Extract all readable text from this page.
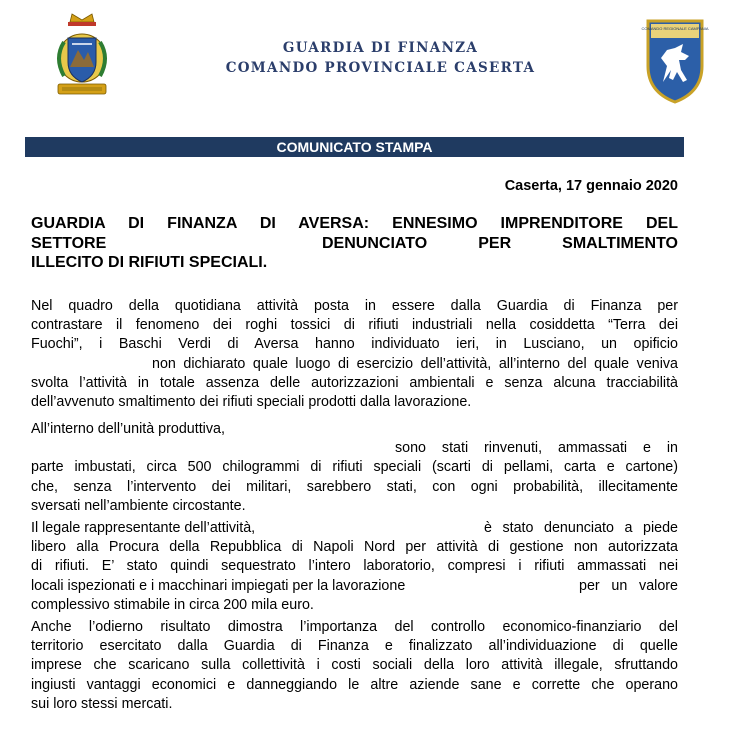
GUARDIA DI FINANZA
COMANDO PROVINCIALE CASERTA
COMANDO REGIONALE CAMPANIA
COMUNICATO STAMPA
Caserta, 17 gennaio 2020
GUARDIA DI FINANZA DI AVERSA: ENNESIMO IMPRENDITORE DEL
SETTORE	DENUNCIATO PER SMALTIMENTO
ILLECITO DI RIFIUTI SPECIALI.
Nel quadro della quotidiana attività posta in essere dalla Guardia di Finanza per
contrastare il fenomeno dei roghi tossici di rifiuti industriali nella cosiddetta “Terra dei
Fuochi”, i Baschi Verdi di Aversa hanno individuato ieri, in Lusciano, un opificio
non dichiarato quale luogo di esercizio dell’attività, all’interno del quale veniva
svolta l’attività in totale assenza delle autorizzazioni ambientali e senza alcuna tracciabilità
dell’avvenuto smaltimento dei rifiuti speciali prodotti dalla lavorazione.
All’interno dell’unità produttiva,
sono stati rinvenuti, ammassati e in
parte imbustati, circa 500 chilogrammi di rifiuti speciali (scarti di pellami, carta e cartone)
che, senza l’intervento dei militari, sarebbero stati, con ogni probabilità, illecitamente
sversati nell’ambiente circostante.
Il legale rappresentante dell’attività,	è stato denunciato a piede
libero alla Procura della Repubblica di Napoli Nord per attività di gestione non autorizzata
di rifiuti. E’ stato quindi sequestrato l’intero laboratorio, compresi i rifiuti ammassati nei
locali ispezionati e i macchinari impiegati per la lavorazione	per un valore
complessivo stimabile in circa 200 mila euro.
Anche l’odierno risultato dimostra l’importanza del controllo economico-finanziario del
territorio esercitato dalla Guardia di Finanza e finalizzato all’individuazione di quelle
imprese che scaricano sulla collettività i costi sociali della loro attività illegale, sfruttando
ingiusti vantaggi economici e danneggiando le altre aziende sane e corrette che operano
sui loro stessi mercati.
